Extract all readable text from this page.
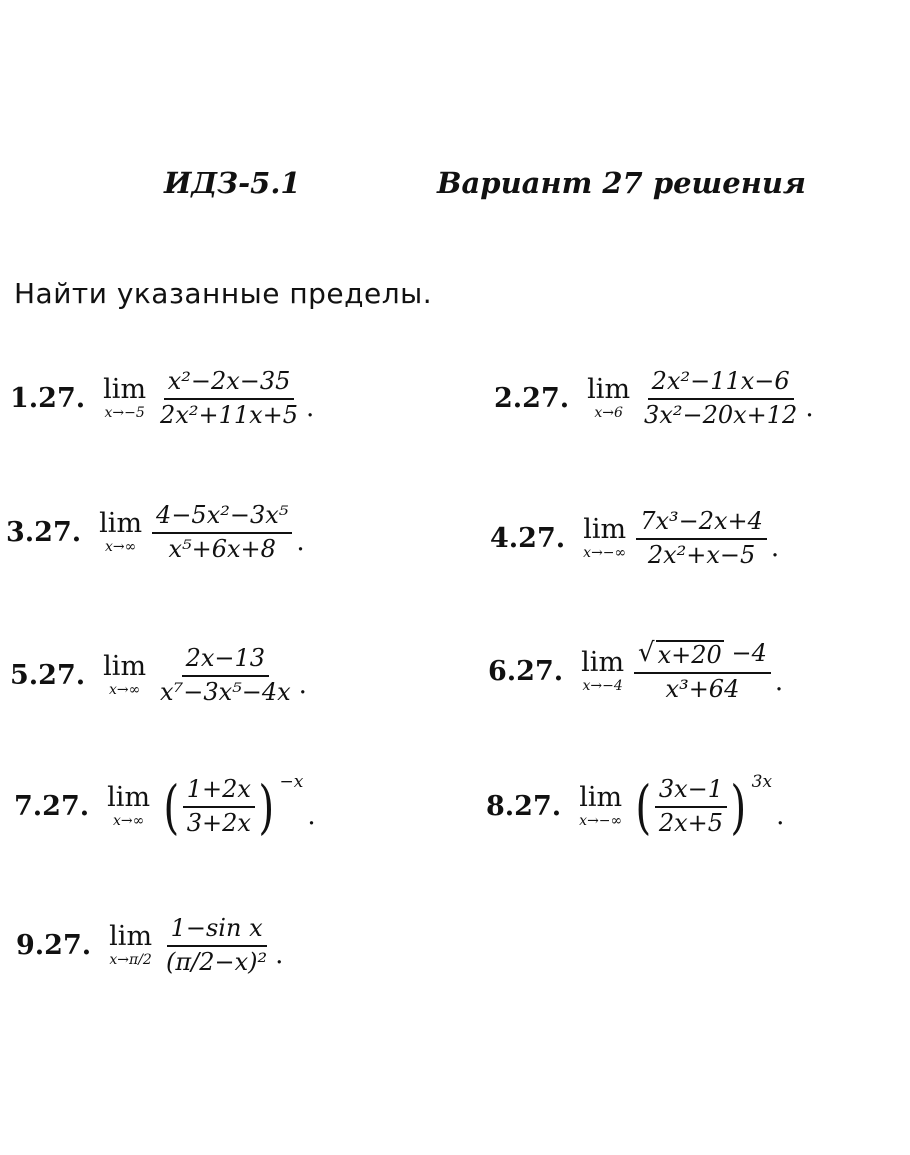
ИДЗ-5.1	Вариант 27 решения
Найти указанные пределы.
1.27. lim
$x\to-5 \frac{\text{x²−2x−35}}{\text{2x²+11x+5}}$ .	2.27. lim
$x\to 6 \frac{\text{2x²−11x−6}}{\text{3x²−20x+12}}$ .
3.27. lim
$x\to\infty \frac{\text{4−5x²−3x⁵}}{\text{x⁵+6x+8}}$ .	4.27. lim
$x\to-\infty \frac{\text{7x³−2x+4}}{\text{2x²+x−5}}$ .
5.27. lim
$x\to\infty \frac{2x-13}{\text{x⁷−3x⁵−4x}}$ .	6.27. lim
$x\to-4 \frac{√ x+20 -4}{\text{x³+64}}$ .
7.27. lim
x→∞ ( $\frac{1+2x}{3+2x}$ ) −x
.	8.27. lim
x→−∞ ( $\frac{3x-1}{2x+5}$ ) 3x
.
9.27. lim
$x\to\pi/2 \frac{\text{1−sin x}}{\text{(π/2−x)²}}$ .
